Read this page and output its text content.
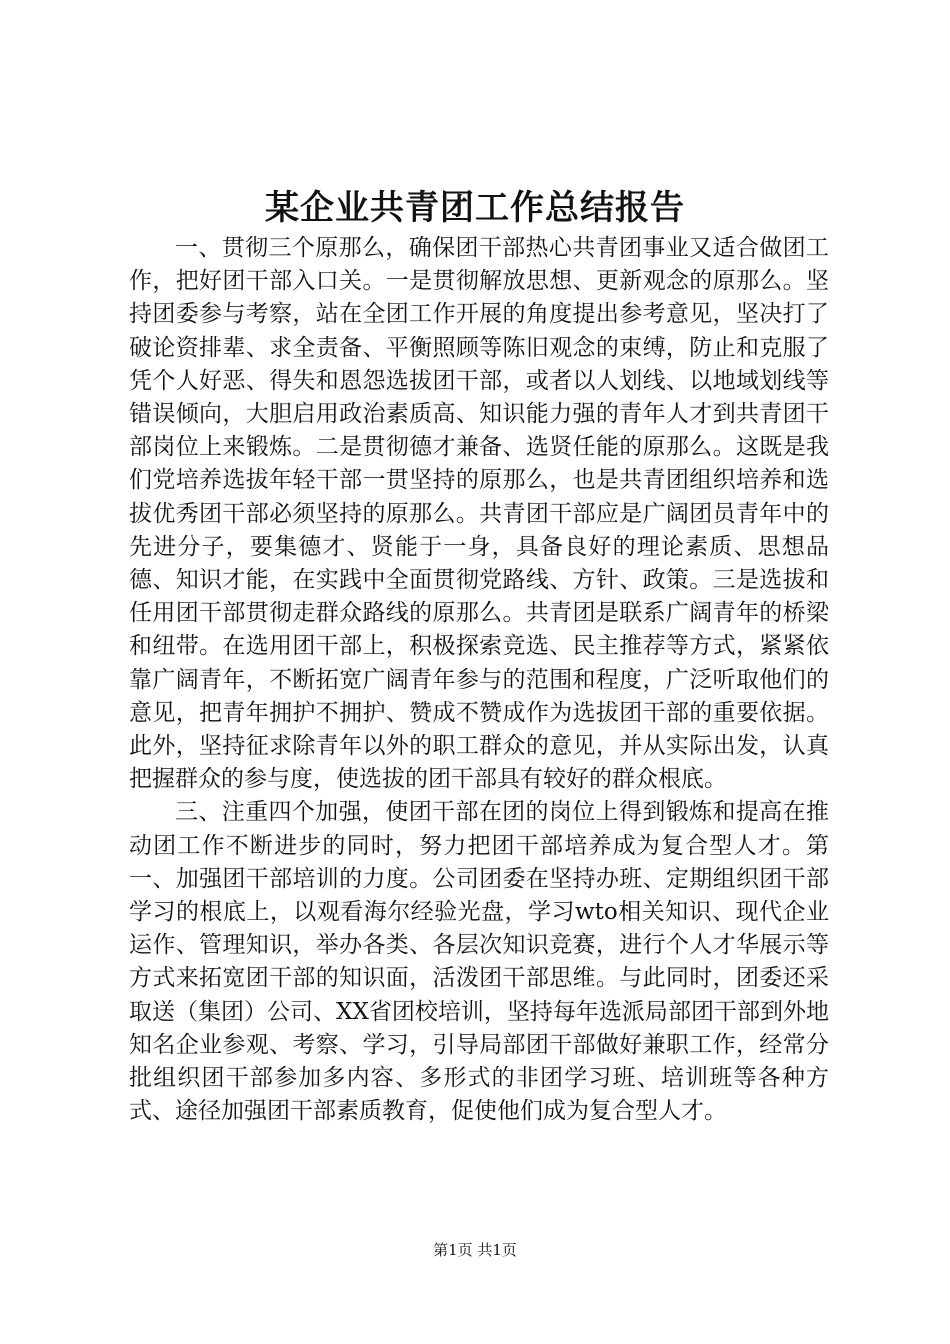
某企业共青团工作总结报告

一、贯彻三个原那么，确保团干部热心共青团事业又适合做团工作，把好团干部入口关。一是贯彻解放思想、更新观念的原那么。坚持团委参与考察，站在全团工作开展的角度提出参考意见，坚决打了破论资排辈、求全责备、平衡照顾等陈旧观念的束缚，防止和克服了凭个人好恶、得失和恩怨选拔团干部，或者以人划线、以地域划线等错误倾向，大胆启用政治素质高、知识能力强的青年人才到共青团干部岗位上来锻炼。二是贯彻德才兼备、选贤任能的原那么。这既是我们党培养选拔年轻干部一贯坚持的原那么，也是共青团组织培养和选拔优秀团干部必须坚持的原那么。共青团干部应是广阔团员青年中的先进分子，要集德才、贤能于一身，具备良好的理论素质、思想品德、知识才能，在实践中全面贯彻党路线、方针、政策。三是选拔和任用团干部贯彻走群众路线的原那么。共青团是联系广阔青年的桥梁和纽带。在选用团干部上，积极探索竞选、民主推荐等方式，紧紧依靠广阔青年，不断拓宽广阔青年参与的范围和程度，广泛听取他们的意见，把青年拥护不拥护、赞成不赞成作为选拔团干部的重要依据。此外，坚持征求除青年以外的职工群众的意见，并从实际出发，认真把握群众的参与度，使选拔的团干部具有较好的群众根底。

三、注重四个加强，使团干部在团的岗位上得到锻炼和提高在推动团工作不断进步的同时，努力把团干部培养成为复合型人才。第一、加强团干部培训的力度。公司团委在坚持办班、定期组织团干部学习的根底上，以观看海尔经验光盘，学习wto相关知识、现代企业运作、管理知识，举办各类、各层次知识竞赛，进行个人才华展示等方式来拓宽团干部的知识面，活泼团干部思维。与此同时，团委还采取送（集团）公司、XX省团校培训，坚持每年选派局部团干部到外地知名企业参观、考察、学习，引导局部团干部做好兼职工作，经常分批组织团干部参加多内容、多形式的非团学习班、培训班等各种方式、途径加强团干部素质教育，促使他们成为复合型人才。

第1页 共1页
